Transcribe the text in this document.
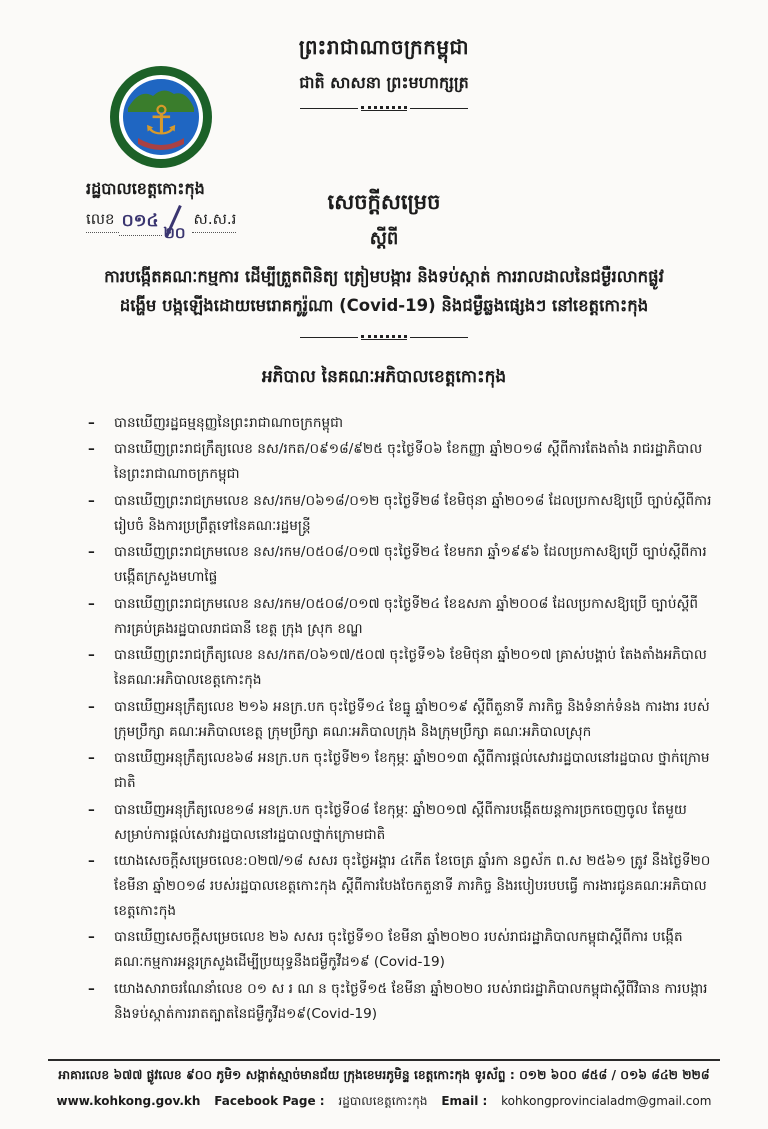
ព្រះរាជាណាចក្រកម្ពុជា
ជាតិ សាសនា ព្រះមហាក្សត្រ
⚓
រដ្ឋបាលខេត្តកោះកុង
លេខ ០១៤
២០
ស.ស.រ
សេចក្តីសម្រេច
ស្តីពី
ការបង្កើតគណៈកម្មការ ដើម្បីត្រួតពិនិត្យ ត្រៀមបង្ការ និងទប់ស្កាត់ ការរាលដាលនៃជម្ងឺរលាកផ្លូវ
ដង្ហើម បង្កឡើងដោយមេរោគកូរ៉ូណា (Covid-19) និងជម្ងឺឆ្លងផ្សេងៗ នៅខេត្តកោះកុង
អភិបាល នៃគណៈអភិបាលខេត្តកោះកុង
–	បានឃើញរដ្ឋធម្មនុញ្ញនៃព្រះរាជាណាចក្រកម្ពុជា
–	បានឃើញព្រះរាជក្រឹត្យលេខ នស/រកត/០៩១៨/៩២៥ ចុះថ្ងៃទី០៦ ខែកញ្ញា ឆ្នាំ២០១៨ ស្តីពីការតែងតាំង រាជរដ្ឋាភិបាលនៃព្រះរាជាណាចក្រកម្ពុជា
–	បានឃើញព្រះរាជក្រមលេខ នស/រកម/០៦១៨/០១២ ចុះថ្ងៃទី២៨ ខែមិថុនា ឆ្នាំ២០១៨ ដែលប្រកាសឱ្យប្រើ ច្បាប់ស្តីពីការរៀបចំ និងការប្រព្រឹត្តទៅនៃគណៈរដ្ឋមន្ត្រី
–	បានឃើញព្រះរាជក្រមលេខ នស/រកម/០៥០៨/០១៧ ចុះថ្ងៃទី២៤ ខែមករា ឆ្នាំ១៩៩៦ ដែលប្រកាសឱ្យប្រើ ច្បាប់ស្តីពីការបង្កើតក្រសួងមហាផ្ទៃ
–	បានឃើញព្រះរាជក្រមលេខ នស/រកម/០៥០៨/០១៧ ចុះថ្ងៃទី២៤ ខែឧសភា ឆ្នាំ២០០៨ ដែលប្រកាសឱ្យប្រើ ច្បាប់ស្តីពីការគ្រប់គ្រងរដ្ឋបាលរាជធានី ខេត្ត ក្រុង ស្រុក ខណ្ឌ
–	បានឃើញព្រះរាជក្រឹត្យលេខ នស/រកត/០៦១៧/៥០៧ ចុះថ្ងៃទី១៦ ខែមិថុនា ឆ្នាំ២០១៧ គ្រាស់បង្គាប់ តែងតាំងអភិបាល នៃគណៈអភិបាលខេត្តកោះកុង
–	បានឃើញអនុក្រឹត្យលេខ ២១៦ អនក្រ.បក ចុះថ្ងៃទី១៤ ខែធ្នូ ឆ្នាំ២០១៩ ស្តីពីតួនាទី ភារកិច្ច និងទំនាក់ទំនង ការងារ របស់ក្រុមប្រឹក្សា គណៈអភិបាលខេត្ត ក្រុមប្រឹក្សា គណៈអភិបាលក្រុង និងក្រុមប្រឹក្សា គណៈអភិបាលស្រុក
–	បានឃើញអនុក្រឹត្យលេខ៦៨ អនក្រ.បក ចុះថ្ងៃទី២១ ខែកុម្ភៈ ឆ្នាំ២០១៣ ស្តីពីការផ្តល់សេវារដ្ឋបាលនៅរដ្ឋបាល ថ្នាក់ក្រោមជាតិ
–	បានឃើញអនុក្រឹត្យលេខ១៨ អនក្រ.បក ចុះថ្ងៃទី០៨ ខែកុម្ភៈ ឆ្នាំ២០១៧ ស្តីពីការបង្កើតយន្តការច្រកចេញចូល តែមួយសម្រាប់ការផ្តល់សេវារដ្ឋបាលនៅរដ្ឋបាលថ្នាក់ក្រោមជាតិ
–	យោងសេចក្តីសម្រេចលេខ:០២៧/១៨ សសរ ចុះថ្ងៃអង្គារ ៤កើត ខែចេត្រ ឆ្នាំរកា នព្វស័ក ព.ស ២៥៦១ ត្រូវ នឹងថ្ងៃទី២០ ខែមីនា ឆ្នាំ២០១៨ របស់រដ្ឋបាលខេត្តកោះកុង ស្តីពីការបែងចែកតួនាទី ភារកិច្ច និងរបៀបរបបធ្វើ ការងារជូនគណៈអភិបាលខេត្តកោះកុង
–	បានឃើញសេចក្តីសម្រេចលេខ ២៦ សសរ ចុះថ្ងៃទី១០ ខែមីនា ឆ្នាំ២០២០ របស់រាជរដ្ឋាភិបាលកម្ពុជាស្តីពីការ បង្កើតគណៈកម្មការអន្តរក្រសួងដើម្បីប្រយុទ្ធនឹងជម្ងឺកូវីដ១៩ (Covid-19)
–	យោងសារាចរណែនាំលេខ ០១ ស រ ណ ន ចុះថ្ងៃទី១៥ ខែមីនា ឆ្នាំ២០២០ របស់រាជរដ្ឋាភិបាលកម្ពុជាស្តីពីវិធាន ការបង្ការ និងទប់ស្កាត់ការរាតត្បាតនៃជម្ងឺកូវីដ១៩(Covid-19)
អាគារលេខ ៦៧៧ ផ្លូវលេខ ៩០០ ភូមិ១ សង្កាត់ស្មាច់មានជ័យ ក្រុងខេមរភូមិន្ទ ខេត្តកោះកុង ទូរស័ព្ទ : ០១២ ៦០០ ៨៥៨ / ០១៦ ៨៤២ ២២៨
www.kohkong.gov.kh Facebook Page : រដ្ឋបាលខេត្តកោះកុង Email : kohkongprovincialadm@gmail.com
